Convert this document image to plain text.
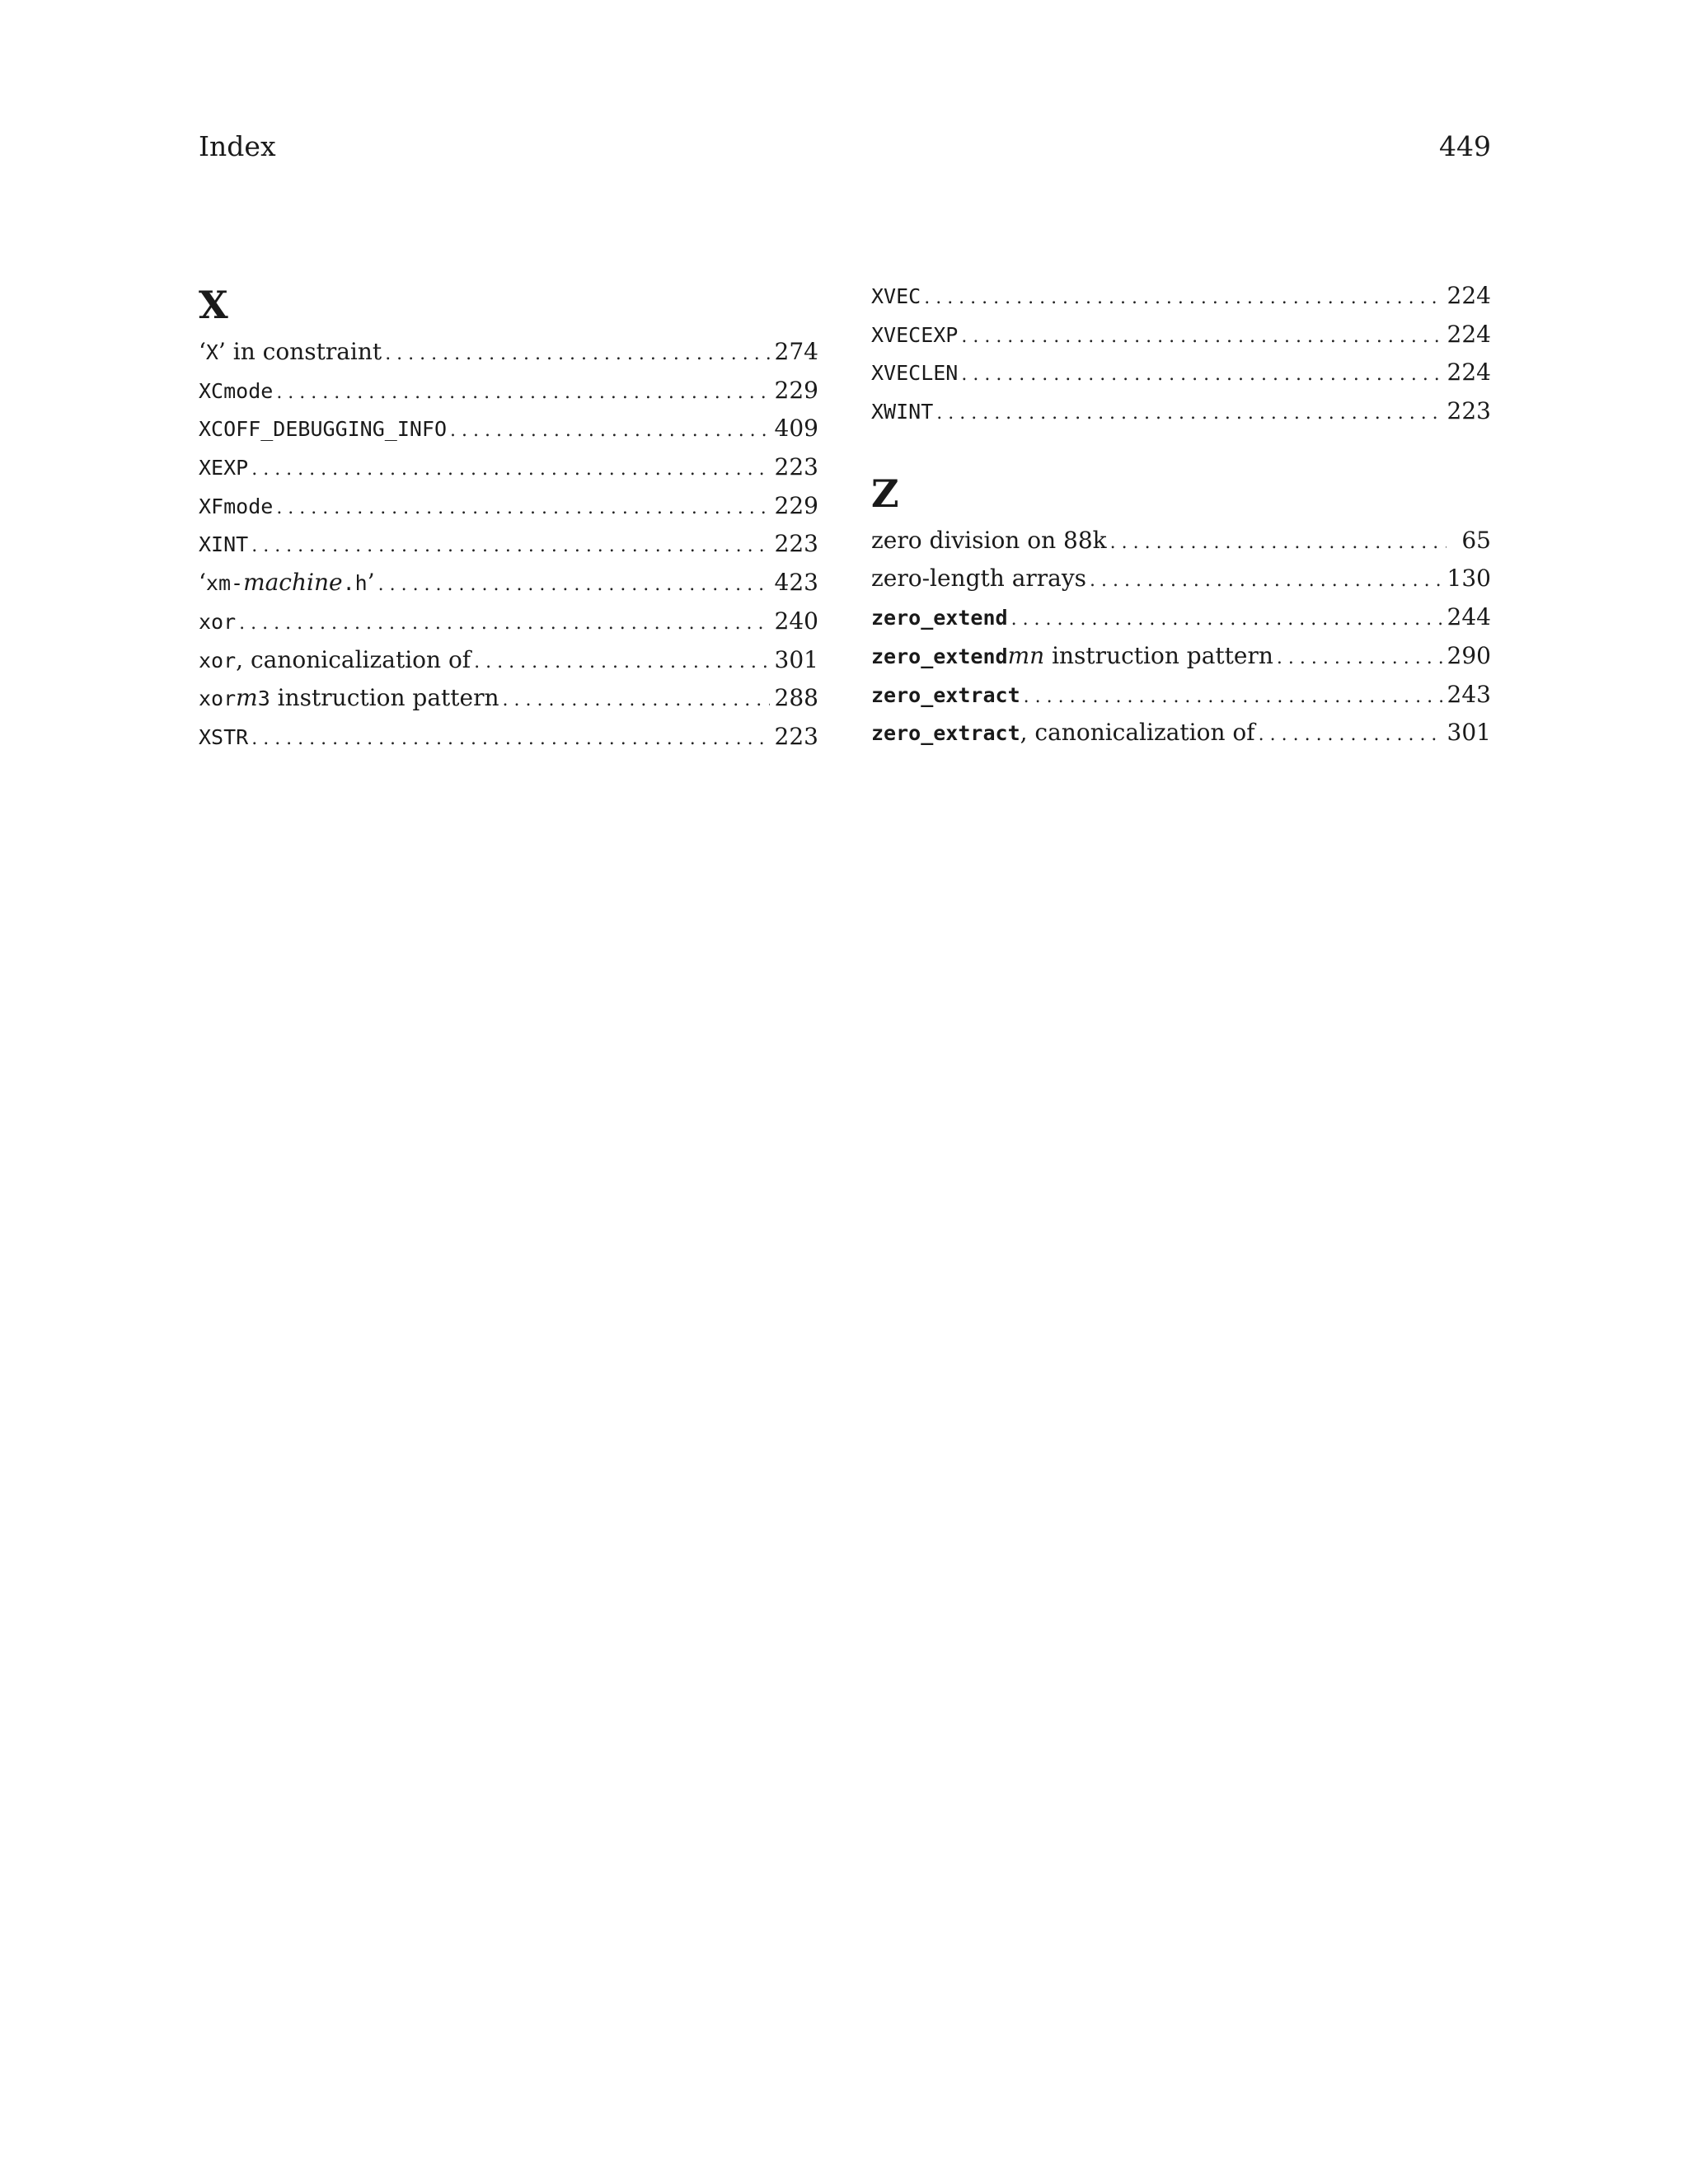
Index	449
X
‘X’ in constraint . . .	274
XCmode . . .	229
XCOFF_DEBUGGING_INFO . . .	409
XEXP . . .	223
XFmode . . .	229
XINT . . .	223
‘xm-machine.h’ . . .	423
xor . . .	240
xor, canonicalization of . . .	301
xorm3 instruction pattern . . .	288
XSTR . . .	223
XVEC . . .	224
XVECEXP . . .	224
XVECLEN . . .	224
XWINT . . .	223
Z
zero division on 88k . . .	65
zero-length arrays . . .	130
zero_extend . . .	244
zero_extendmn instruction pattern . . .	290
zero_extract . . .	243
zero_extract, canonicalization of . . .	301
